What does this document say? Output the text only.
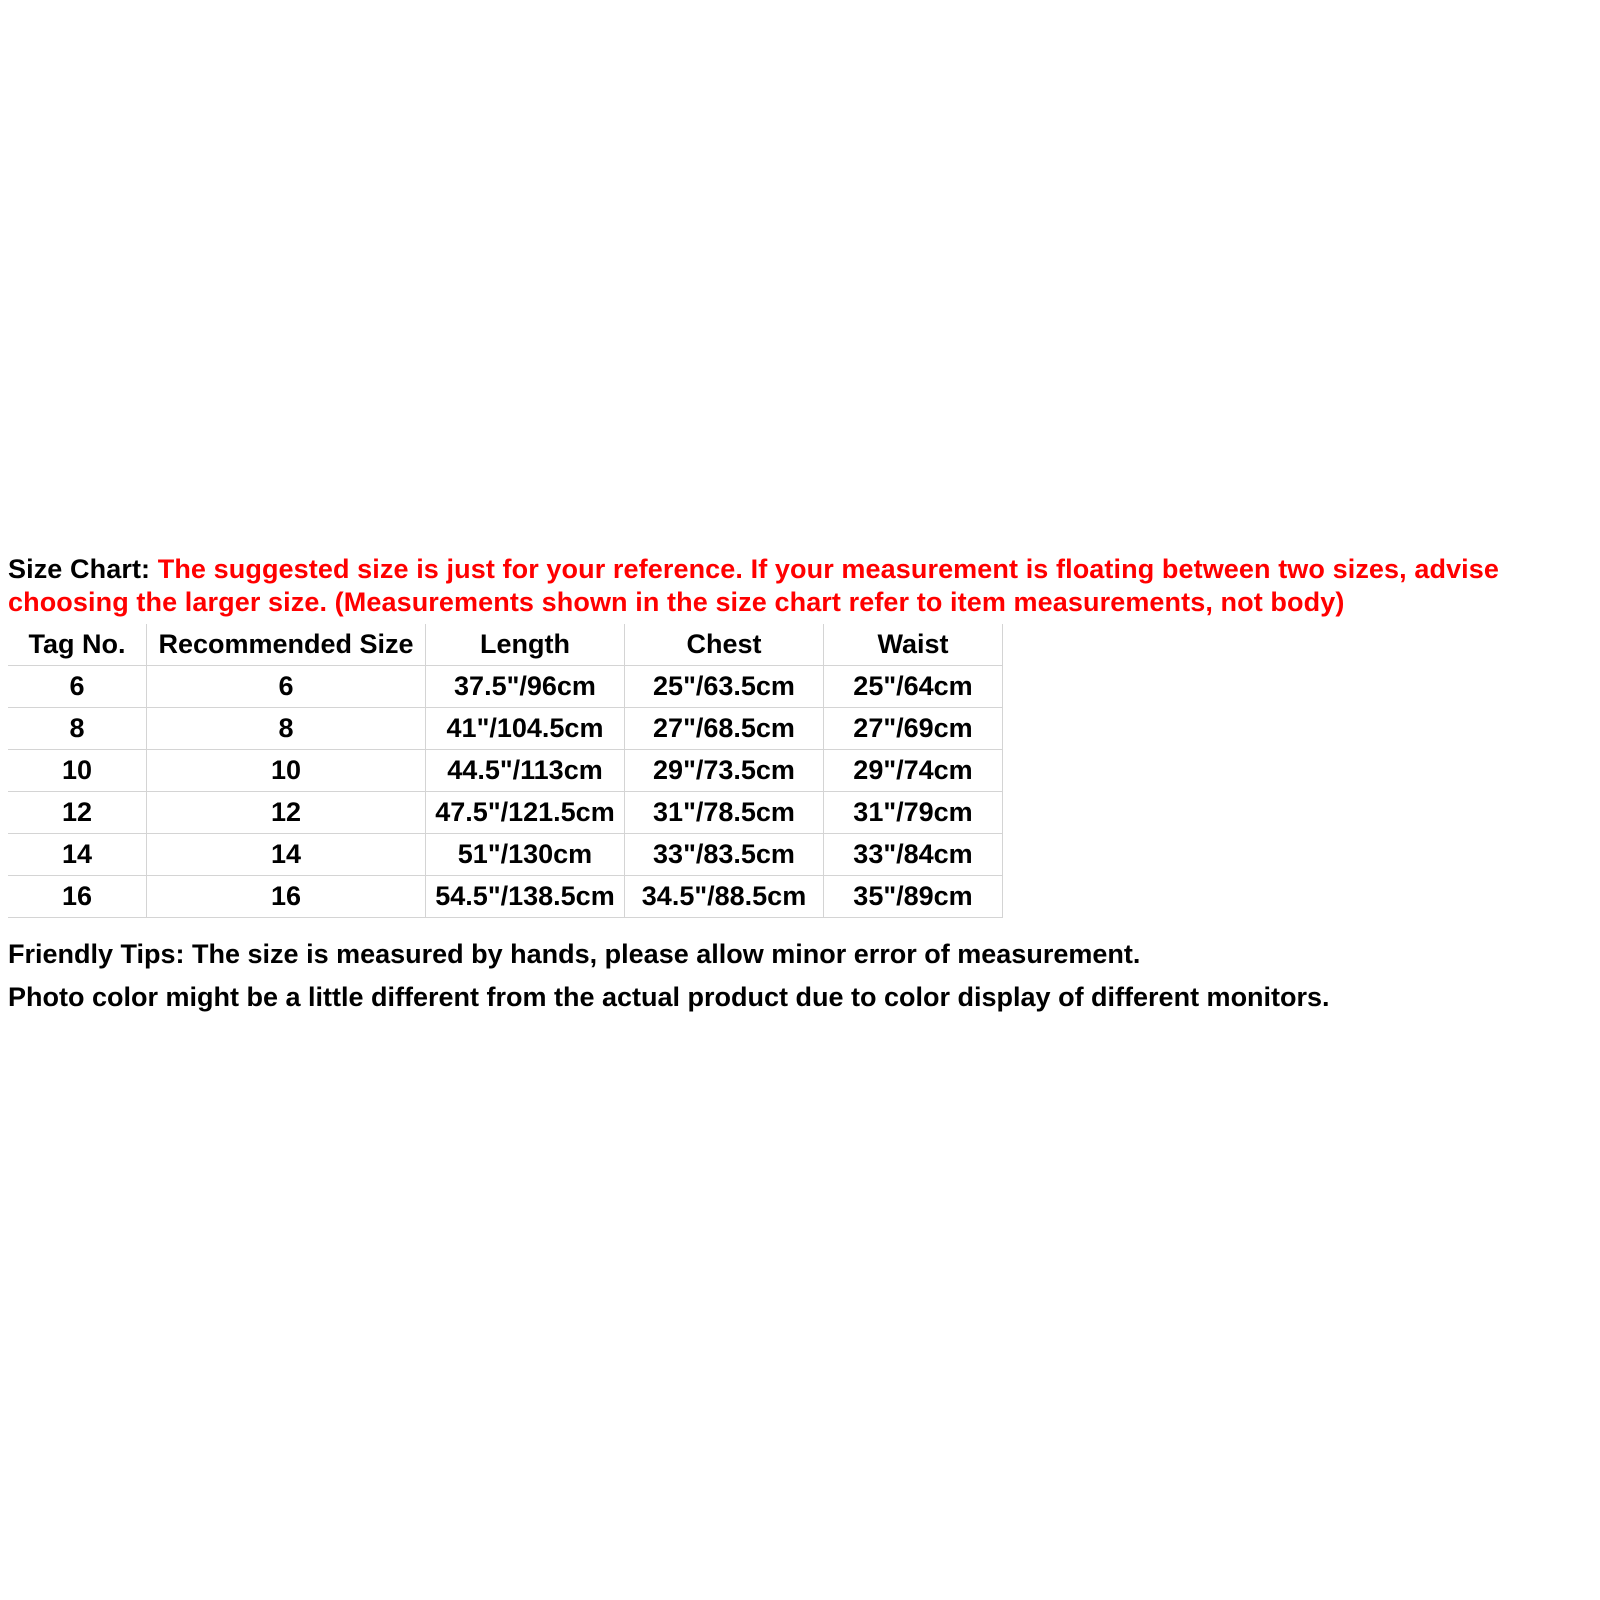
Size Chart: The suggested size is just for your reference. If your measurement is floating between two sizes, advise choosing the larger size. (Measurements shown in the size chart refer to item measurements, not body)
Tag No.	Recommended Size	Length	Chest	Waist
6	6	37.5"/96cm	25"/63.5cm	25"/64cm
8	8	41"/104.5cm	27"/68.5cm	27"/69cm
10	10	44.5"/113cm	29"/73.5cm	29"/74cm
12	12	47.5"/121.5cm	31"/78.5cm	31"/79cm
14	14	51"/130cm	33"/83.5cm	33"/84cm
16	16	54.5"/138.5cm	34.5"/88.5cm	35"/89cm
Friendly Tips: The size is measured by hands, please allow minor error of measurement.
Photo color might be a little different from the actual product due to color display of different monitors.
